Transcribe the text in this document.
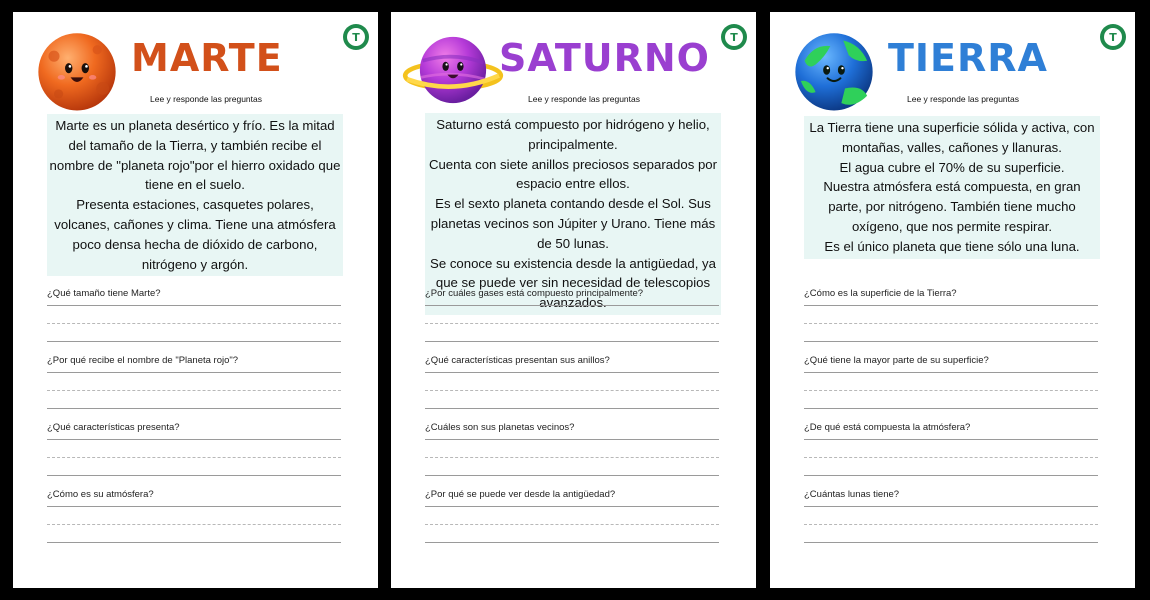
MARTE
Lee y responde las preguntas
T

Marte es un planeta desértico y frío. Es la mitad del tamaño de la Tierra, y también recibe el nombre de "planeta rojo"por el hierro oxidado que tiene en el suelo.

Presenta estaciones, casquetes polares, volcanes, cañones y clima. Tiene una atmósfera poco densa hecha de dióxido de carbono, nitrógeno y argón.

¿Qué tamaño tiene Marte?
¿Por qué recibe el nombre de "Planeta rojo"?
¿Qué características presenta?
¿Cómo es su atmósfera?
SATURNO
Lee y responde las preguntas
T

Saturno está compuesto por hidrógeno y helio, principalmente.

Cuenta con siete anillos preciosos separados por espacio entre ellos.

Es el sexto planeta contando desde el Sol. Sus planetas vecinos son Júpiter y Urano. Tiene más de 50 lunas.

Se conoce su existencia desde la antigüedad, ya que se puede ver sin necesidad de telescopios avanzados.

¿Por cuáles gases está compuesto principalmente?
¿Qué características presentan sus anillos?
¿Cuáles son sus planetas vecinos?
¿Por qué se puede ver desde la antigüedad?
TIERRA
Lee y responde las preguntas
T

La Tierra tiene una superficie sólida y activa, con montañas, valles, cañones y llanuras.

El agua cubre el 70% de su superficie.

Nuestra atmósfera está compuesta, en gran parte, por nitrógeno. También tiene mucho oxígeno, que nos permite respirar.

Es el único planeta que tiene sólo una luna.

¿Cómo es la superficie de la Tierra?
¿Qué tiene la mayor parte de su superficie?
¿De qué está compuesta la atmósfera?
¿Cuántas lunas tiene?
